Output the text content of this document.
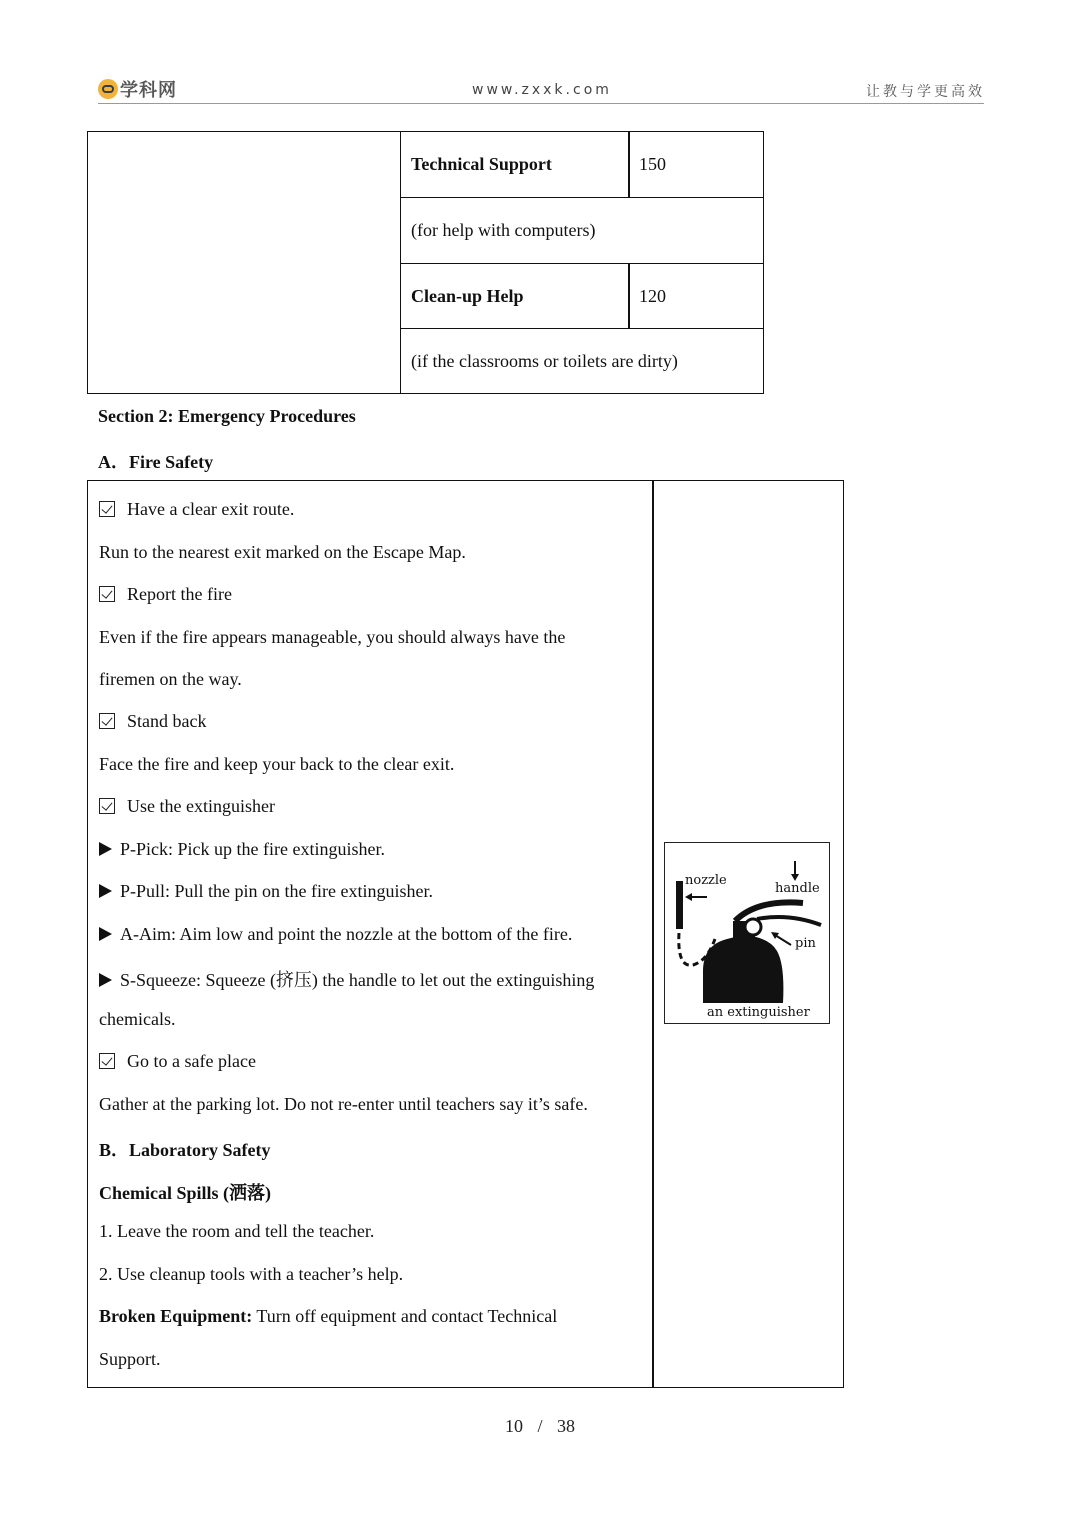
学科网	www.zxxk.com	让教与学更高效
Technical Support	150
(for help with computers)
Clean-up Help	120
(if the classrooms or toilets are dirty)
Section 2: Emergency Procedures
A．Fire Safety
Have a clear exit route.
Run to the nearest exit marked on the Escape Map.
Report the fire
Even if the fire appears manageable, you should always have the
firemen on the way.
Stand back
Face the fire and keep your back to the clear exit.
Use the extinguisher
P-Pick: Pick up the fire extinguisher.
P-Pull: Pull the pin on the fire extinguisher.
A-Aim: Aim low and point the nozzle at the bottom of the fire.
S-Squeeze: Squeeze (挤压) the handle to let out the extinguishing
chemicals.
Go to a safe place
Gather at the parking lot. Do not re-enter until teachers say it’s safe.
B．Laboratory Safety
Chemical Spills (洒落)
1. Leave the room and tell the teacher.
2. Use cleanup tools with a teacher’s help.
Broken Equipment: Turn off equipment and contact Technical
Support.
nozzle
handle
pin
an extinguisher
10 / 38
